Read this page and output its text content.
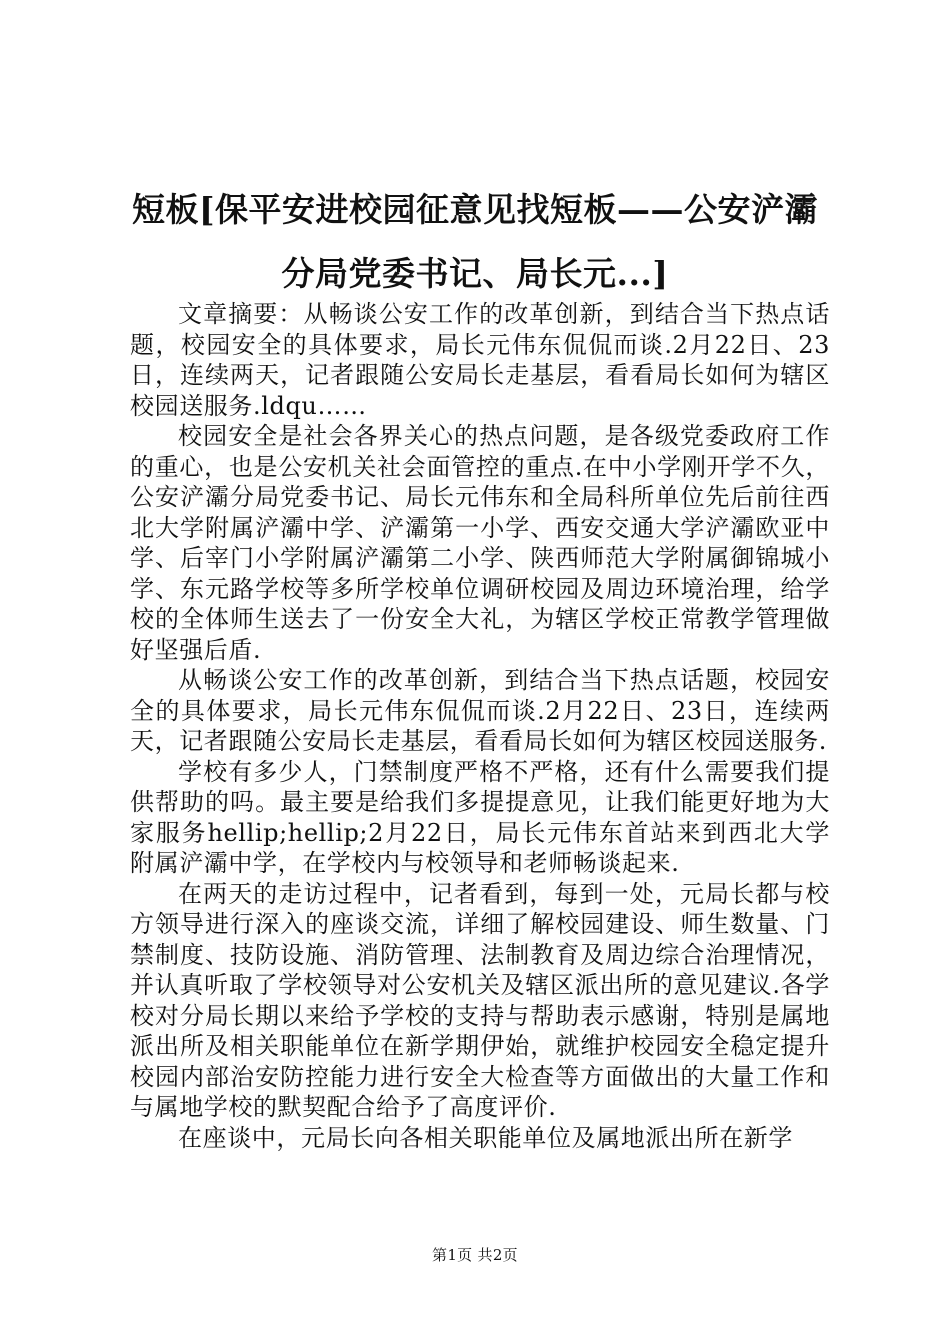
短板[保平安进校园征意见找短板——公安浐灞分局党委书记、局长元...]

文章摘要：从畅谈公安工作的改革创新，到结合当下热点话题，校园安全的具体要求，局长元伟东侃侃而谈.2月22日、23日，连续两天，记者跟随公安局长走基层，看看局长如何为辖区校园送服务.ldqu……

校园安全是社会各界关心的热点问题，是各级党委政府工作的重心，也是公安机关社会面管控的重点.在中小学刚开学不久，公安浐灞分局党委书记、局长元伟东和全局科所单位先后前往西北大学附属浐灞中学、浐灞第一小学、西安交通大学浐灞欧亚中学、后宰门小学附属浐灞第二小学、陕西师范大学附属御锦城小学、东元路学校等多所学校单位调研校园及周边环境治理，给学校的全体师生送去了一份安全大礼，为辖区学校正常教学管理做好坚强后盾.

从畅谈公安工作的改革创新，到结合当下热点话题，校园安全的具体要求，局长元伟东侃侃而谈.2月22日、23日，连续两天，记者跟随公安局长走基层，看看局长如何为辖区校园送服务.

学校有多少人，门禁制度严格不严格，还有什么需要我们提供帮助的吗。最主要是给我们多提提意见，让我们能更好地为大家服务hellip;hellip;2月22日，局长元伟东首站来到西北大学附属浐灞中学，在学校内与校领导和老师畅谈起来.

在两天的走访过程中，记者看到，每到一处，元局长都与校方领导进行深入的座谈交流，详细了解校园建设、师生数量、门禁制度、技防设施、消防管理、法制教育及周边综合治理情况，并认真听取了学校领导对公安机关及辖区派出所的意见建议.各学校对分局长期以来给予学校的支持与帮助表示感谢，特别是属地派出所及相关职能单位在新学期伊始，就维护校园安全稳定提升校园内部治安防控能力进行安全大检查等方面做出的大量工作和与属地学校的默契配合给予了高度评价.

在座谈中，元局长向各相关职能单位及属地派出所在新学

第1页 共2页
